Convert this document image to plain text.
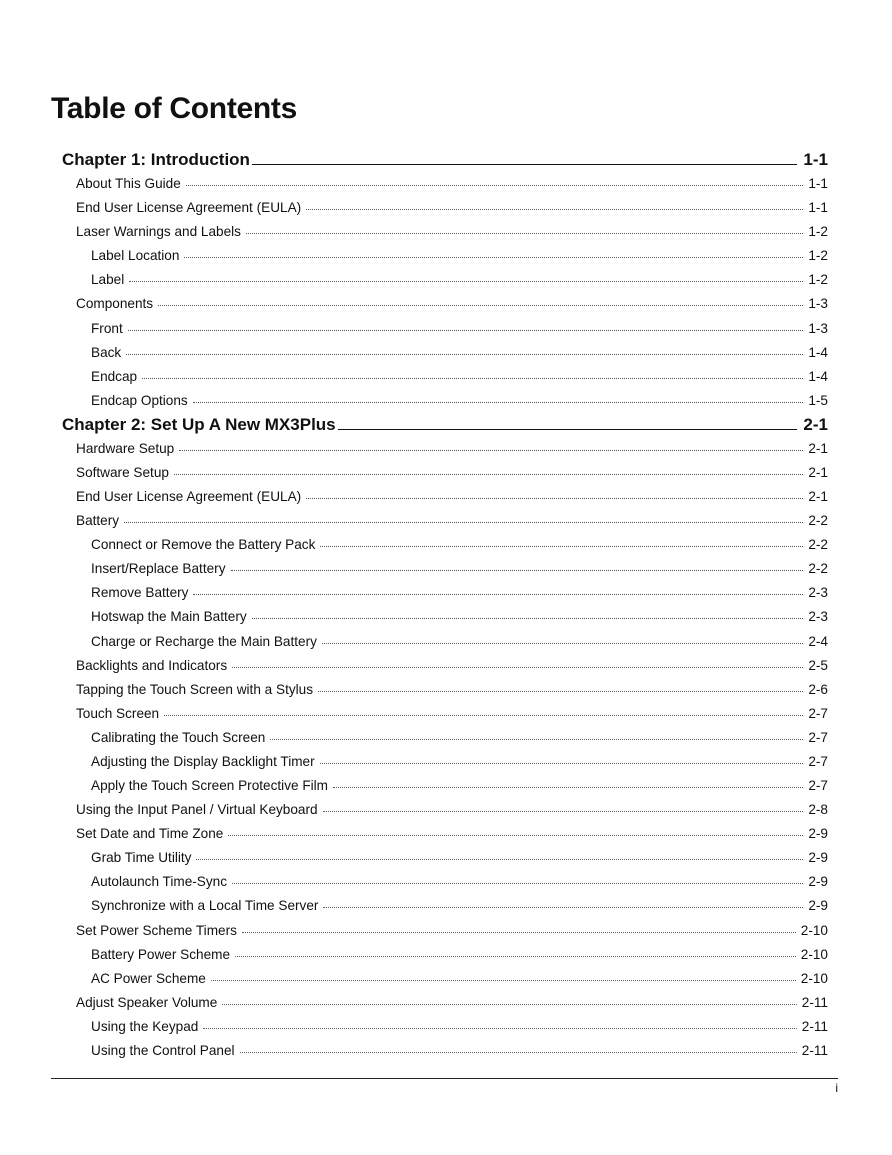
Table of Contents
Chapter 1: Introduction	1-1
About This Guide	1-1
End User License Agreement (EULA)	1-1
Laser Warnings and Labels	1-2
Label Location	1-2
Label	1-2
Components	1-3
Front	1-3
Back	1-4
Endcap	1-4
Endcap Options	1-5
Chapter 2: Set Up A New MX3Plus	2-1
Hardware Setup	2-1
Software Setup	2-1
End User License Agreement (EULA)	2-1
Battery	2-2
Connect or Remove the Battery Pack	2-2
Insert/Replace Battery	2-2
Remove Battery	2-3
Hotswap the Main Battery	2-3
Charge or Recharge the Main Battery	2-4
Backlights and Indicators	2-5
Tapping the Touch Screen with a Stylus	2-6
Touch Screen	2-7
Calibrating the Touch Screen	2-7
Adjusting the Display Backlight Timer	2-7
Apply the Touch Screen Protective Film	2-7
Using the Input Panel / Virtual Keyboard	2-8
Set Date and Time Zone	2-9
Grab Time Utility	2-9
Autolaunch Time-Sync	2-9
Synchronize with a Local Time Server	2-9
Set Power Scheme Timers	2-10
Battery Power Scheme	2-10
AC Power Scheme	2-10
Adjust Speaker Volume	2-11
Using the Keypad	2-11
Using the Control Panel	2-11
i
